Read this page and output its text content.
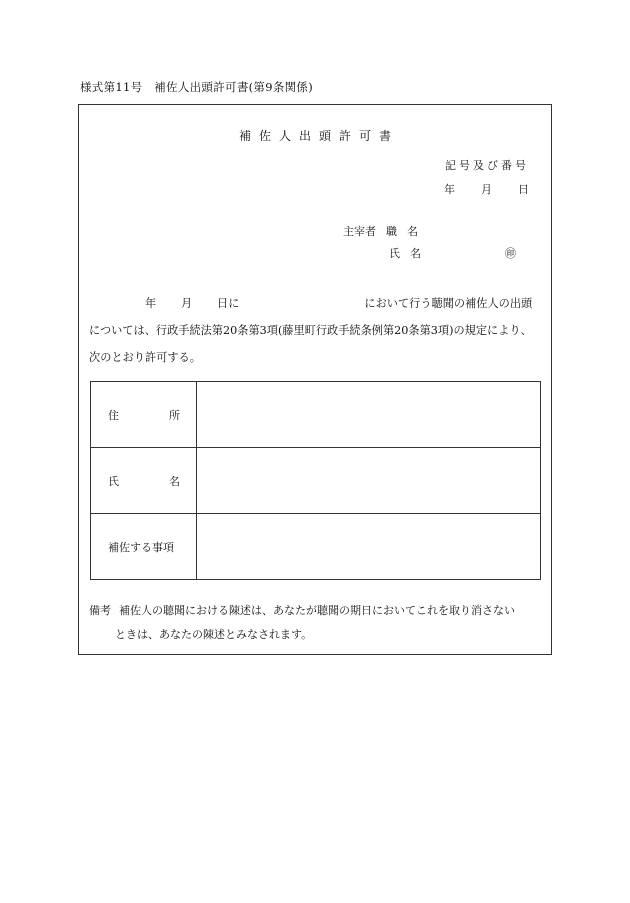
様式第11号　補佐人出頭許可書(第9条関係)
補佐人出頭許可書
記号及び番号
年 月 日
主宰者 職 名
氏 名	㊞
年 月 日に	において行う聴聞の補佐人の出頭
については、行政手続法第20条第3項(藤里町行政手続条例第20条第3項)の規定により、
次のとおり許可する。
住 所	

氏 名	

補佐する事項	
備考 補佐人の聴聞における陳述は、あなたが聴聞の期日においてこれを取り消さない
ときは、あなたの陳述とみなされます。
